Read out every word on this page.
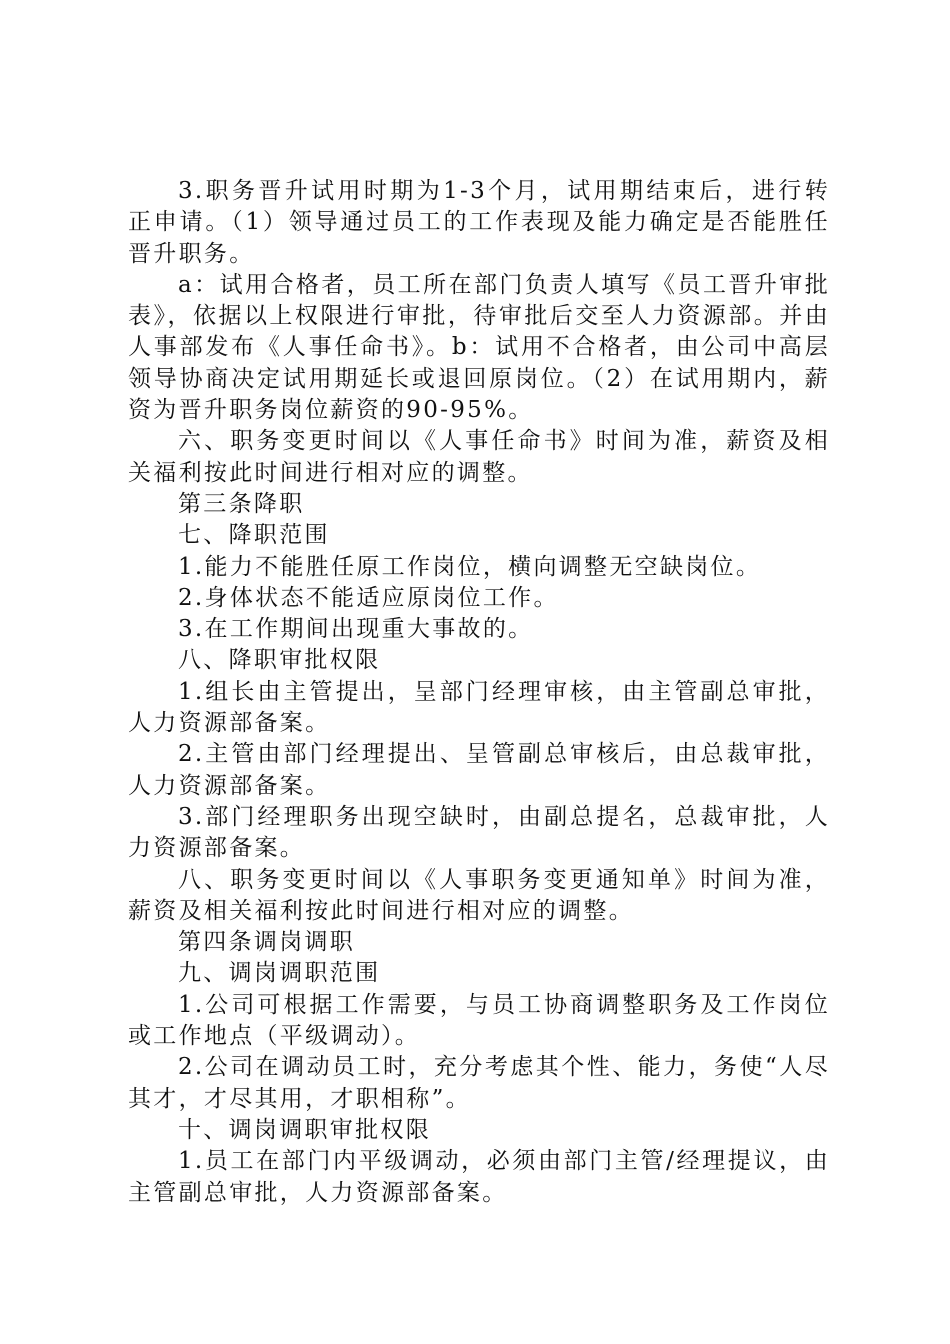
3.职务晋升试用时期为1-3个月，试用期结束后，进行转正申请。（1）领导通过员工的工作表现及能力确定是否能胜任晋升职务。

a：试用合格者，员工所在部门负责人填写《员工晋升审批表》，依据以上权限进行审批，待审批后交至人力资源部。并由人事部发布《人事任命书》。b：试用不合格者，由公司中高层领导协商决定试用期延长或退回原岗位。（2）在试用期内，薪资为晋升职务岗位薪资的90-95%。

六、职务变更时间以《人事任命书》时间为准，薪资及相关福利按此时间进行相对应的调整。

第三条降职

七、降职范围

1.能力不能胜任原工作岗位，横向调整无空缺岗位。

2.身体状态不能适应原岗位工作。

3.在工作期间出现重大事故的。

八、降职审批权限

1.组长由主管提出，呈部门经理审核，由主管副总审批，人力资源部备案。

2.主管由部门经理提出、呈管副总审核后，由总裁审批，人力资源部备案。

3.部门经理职务出现空缺时，由副总提名，总裁审批，人力资源部备案。

八、职务变更时间以《人事职务变更通知单》时间为准，薪资及相关福利按此时间进行相对应的调整。

第四条调岗调职

九、调岗调职范围

1.公司可根据工作需要，与员工协商调整职务及工作岗位或工作地点（平级调动）。

2.公司在调动员工时，充分考虑其个性、能力，务使“人尽其才，才尽其用，才职相称”。

十、调岗调职审批权限

1.员工在部门内平级调动，必须由部门主管/经理提议，由主管副总审批，人力资源部备案。
